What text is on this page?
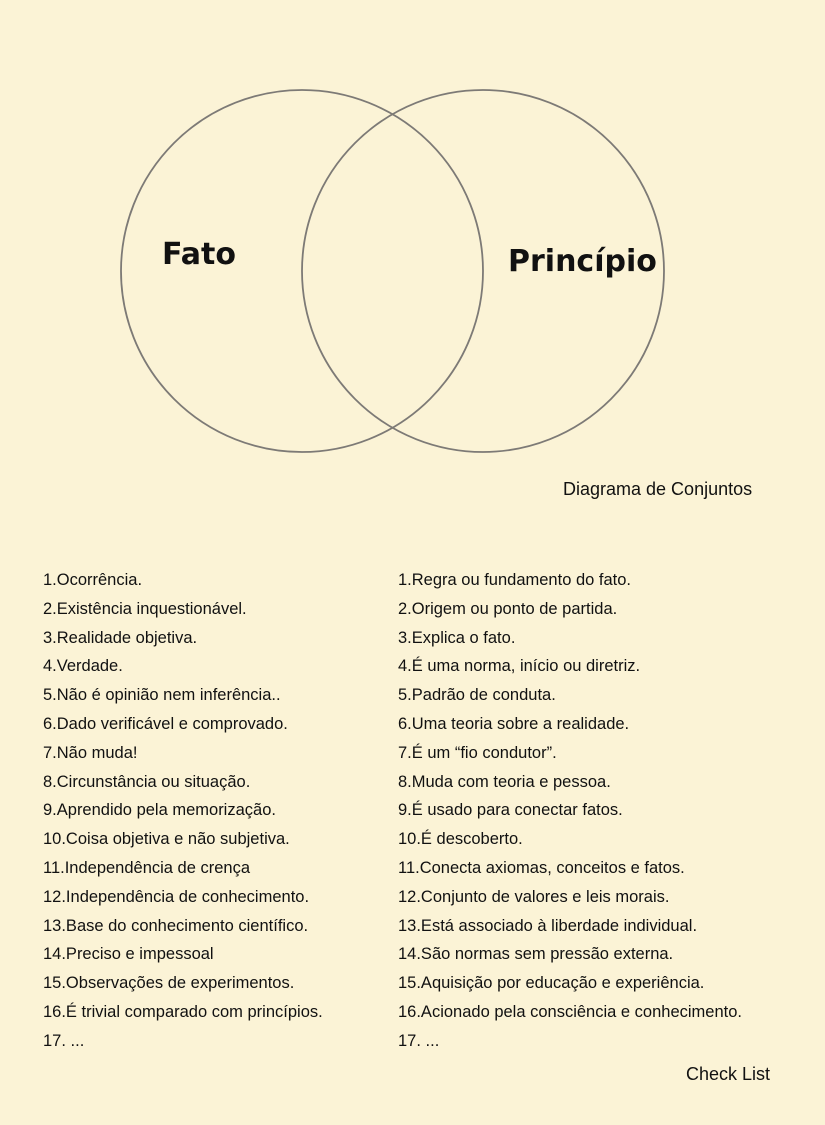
Fato	Princípio
Diagrama de Conjuntos
1.Ocorrência.
2.Existência inquestionável.
3.Realidade objetiva.
4.Verdade.
5.Não é opinião nem inferência..
6.Dado verificável e comprovado.
7.Não muda!
8.Circunstância ou situação.
9.Aprendido pela memorização.
10.Coisa objetiva e não subjetiva.
11.Independência de crença
12.Independência de conhecimento.
13.Base do conhecimento científico.
14.Preciso e impessoal
15.Observações de experimentos.
16.É trivial comparado com princípios.
17. ...
1.Regra ou fundamento do fato.
2.Origem ou ponto de partida.
3.Explica o fato.
4.É uma norma, início ou diretriz.
5.Padrão de conduta.
6.Uma teoria sobre a realidade.
7.É um “fio condutor”.
8.Muda com teoria e pessoa.
9.É usado para conectar fatos.
10.É descoberto.
11.Conecta axiomas, conceitos e fatos.
12.Conjunto de valores e leis morais.
13.Está associado à liberdade individual.
14.São normas sem pressão externa.
15.Aquisição por educação e experiência.
16.Acionado pela consciência e conhecimento.
17. ...
Check List
